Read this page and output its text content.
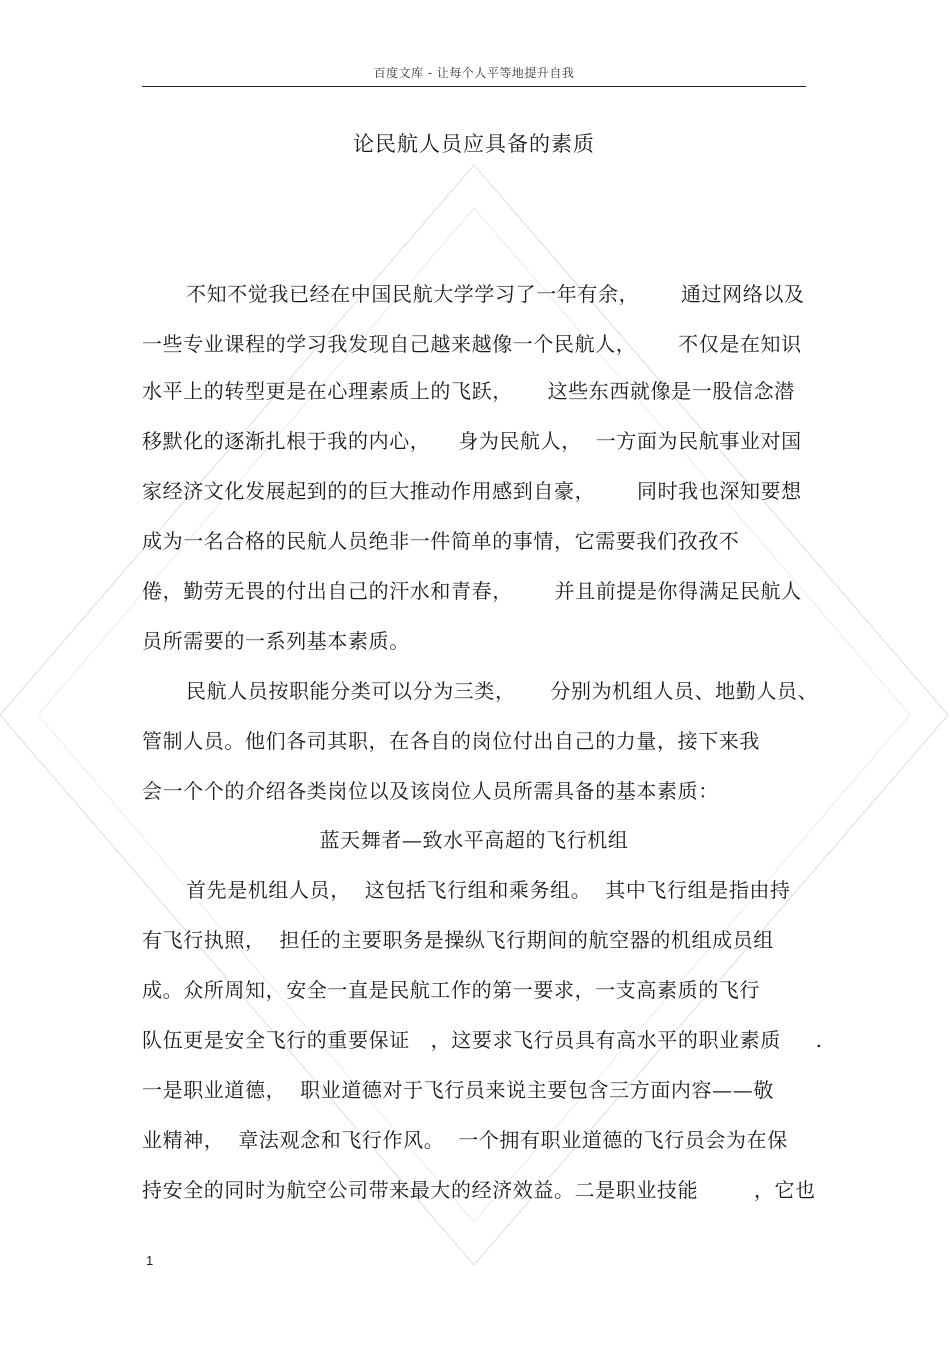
百度文库 - 让每个人平等地提升自我
论民航人员应具备的素质
不知不觉我已经在中国民航大学学习了一年有余，      通过网络以及
一些专业课程的学习我发现自己越来越像一个民航人，      不仅是在知识
水平上的转型更是在心理素质上的飞跃，     这些东西就像是一股信念潜
移默化的逐渐扎根于我的内心，    身为民航人，  一方面为民航事业对国
家经济文化发展起到的的巨大推动作用感到自豪，      同时我也深知要想
成为一名合格的民航人员绝非一件简单的事情，它需要我们孜孜不
倦，勤劳无畏的付出自己的汗水和青春，      并且前提是你得满足民航人
员所需要的一系列基本素质。
民航人员按职能分类可以分为三类，     分别为机组人员、地勤人员、
管制人员。他们各司其职，在各自的岗位付出自己的力量，接下来我
会一个个的介绍各类岗位以及该岗位人员所需具备的基本素质：
蓝天舞者—致水平高超的飞行机组
首先是机组人员，  这包括飞行组和乘务组。  其中飞行组是指由持
有飞行执照，  担任的主要职务是操纵飞行期间的航空器的机组成员组
成。众所周知，安全一直是民航工作的第一要求，一支高素质的飞行
队伍更是安全飞行的重要保证   ，这要求飞行员具有高水平的职业素质     .
一是职业道德，  职业道德对于飞行员来说主要包含三方面内容——敬
业精神，  章法观念和飞行作风。  一个拥有职业道德的飞行员会为在保
持安全的同时为航空公司带来最大的经济效益。二是职业技能        ，它也
1
